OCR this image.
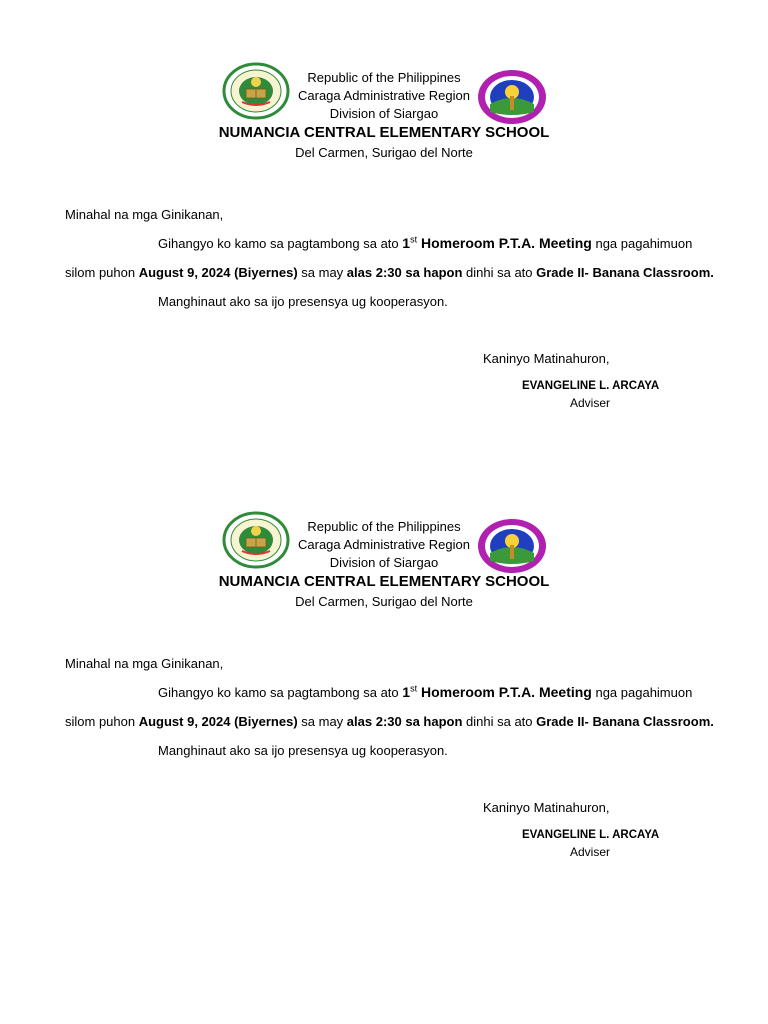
Republic of the Philippines
Caraga Administrative Region
Division of Siargao
NUMANCIA CENTRAL ELEMENTARY SCHOOL
Del Carmen, Surigao del Norte
Minahal na mga Ginikanan,
Gihangyo ko kamo sa pagtambong sa ato 1st Homeroom P.T.A. Meeting nga pagahimuon
silom puhon August 9, 2024 (Biyernes) sa may alas 2:30 sa hapon dinhi sa ato Grade II- Banana Classroom.
Manghinaut ako sa ijo presensya ug kooperasyon.
Kaninyo Matinahuron,
EVANGELINE L. ARCAYA
Adviser
Republic of the Philippines
Caraga Administrative Region
Division of Siargao
NUMANCIA CENTRAL ELEMENTARY SCHOOL
Del Carmen, Surigao del Norte
Minahal na mga Ginikanan,
Gihangyo ko kamo sa pagtambong sa ato 1st Homeroom P.T.A. Meeting nga pagahimuon
silom puhon August 9, 2024 (Biyernes) sa may alas 2:30 sa hapon dinhi sa ato Grade II- Banana Classroom.
Manghinaut ako sa ijo presensya ug kooperasyon.
Kaninyo Matinahuron,
EVANGELINE L. ARCAYA
Adviser
